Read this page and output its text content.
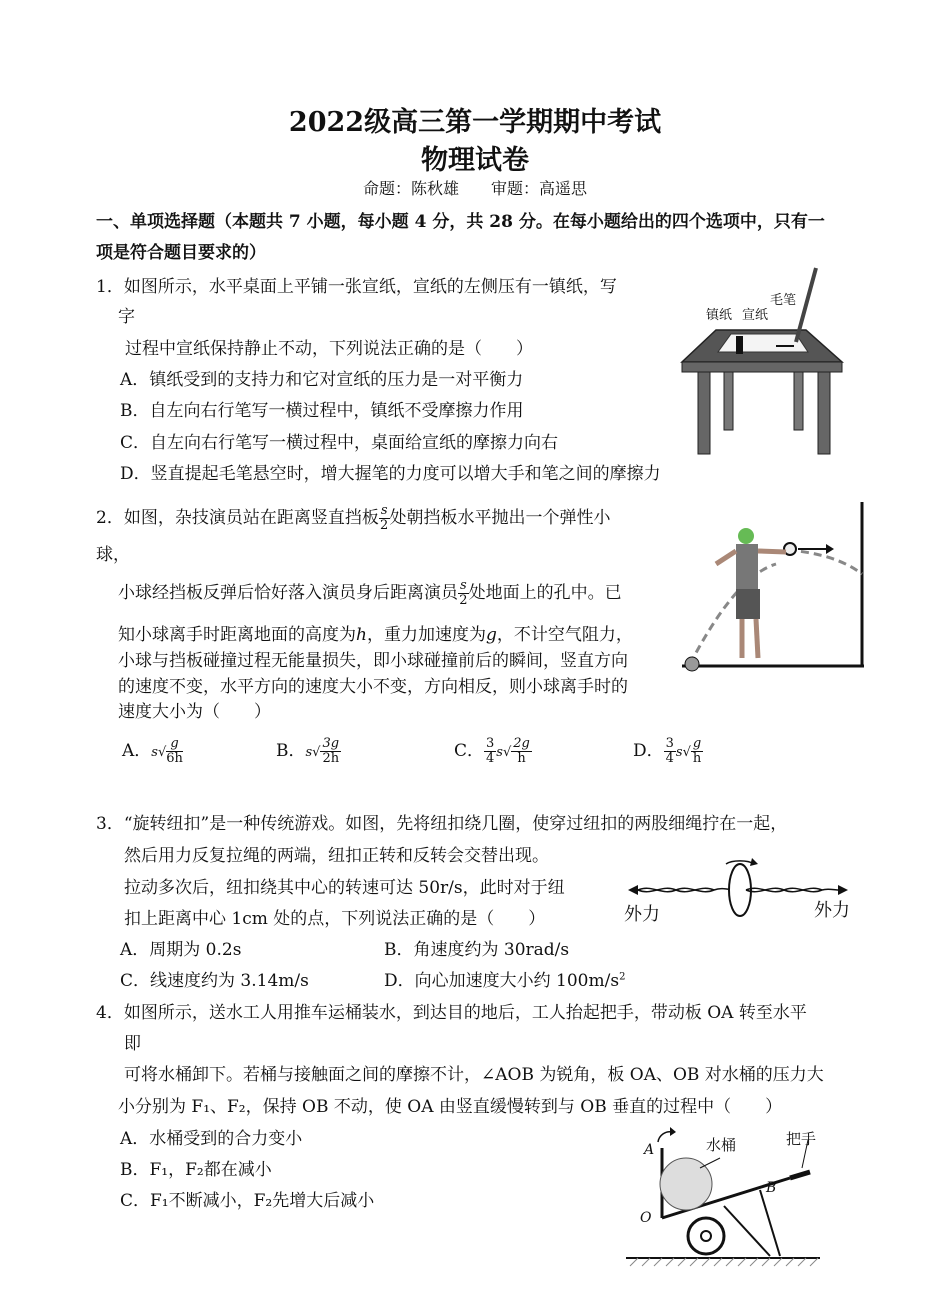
2022级高三第一学期期中考试
物理试卷
命题：陈秋雄　　审题：高遥思
一、单项选择题（本题共 7 小题，每小题 4 分，共 28 分。在每小题给出的四个选项中，只有一
项是符合题目要求的）
1．如图所示，水平桌面上平铺一张宣纸，宣纸的左侧压有一镇纸，写
字
过程中宣纸保持静止不动，下列说法正确的是（　　）
A．镇纸受到的支持力和它对宣纸的压力是一对平衡力
B．自左向右行笔写一横过程中，镇纸不受摩擦力作用
C．自左向右行笔写一横过程中，桌面给宣纸的摩擦力向右
D．竖直提起毛笔悬空时，增大握笔的力度可以增大手和笔之间的摩擦力
毛笔
镇纸 宣纸
2．如图，杂技演员站在距离竖直挡板 $\frac{s}{2}$ 处朝挡板水平抛出一个弹性小
球，
小球经挡板反弹后恰好落入演员身后距离演员 $\frac{s}{2}$ 处地面上的孔中。已
知小球离手时距离地面的高度为h，重力加速度为g，不计空气阻力，
小球与挡板碰撞过程无能量损失，即小球碰撞前后的瞬间，竖直方向
的速度不变，水平方向的速度大小不变，方向相反，则小球离手时的
速度大小为（　　）
A．$s√ \frac{g}{6h}$	B．$s√ \frac{3g}{2h}$	C． $\frac{3}{4} s√ \frac{2g}{h}$	D． $\frac{3}{4} s√ \frac{g}{h}$
3．“旋转纽扣”是一种传统游戏。如图，先将纽扣绕几圈，使穿过纽扣的两股细绳拧在一起，
然后用力反复拉绳的两端，纽扣正转和反转会交替出现。
拉动多次后，纽扣绕其中心的转速可达 50r/s，此时对于纽
扣上距离中心 1cm 处的点，下列说法正确的是（　　）
A．周期为 0.2s	B．角速度约为 30rad/s
C．线速度约为 3.14m/s	D．向心加速度大小约 $100m/s^2$
外力	外力
4．如图所示，送水工人用推车运桶装水，到达目的地后，工人抬起把手，带动板 OA 转至水平
即
可将水桶卸下。若桶与接触面之间的摩擦不计，∠AOB 为锐角，板 OA、OB 对水桶的压力大
小分别为 F₁、F₂，保持 OB 不动，使 OA 由竖直缓慢转到与 OB 垂直的过程中（　　）
A．水桶受到的合力变小
B．F₁，F₂都在减小
C．F₁不断减小，F₂先增大后减小
A
O
B
水桶	把手
